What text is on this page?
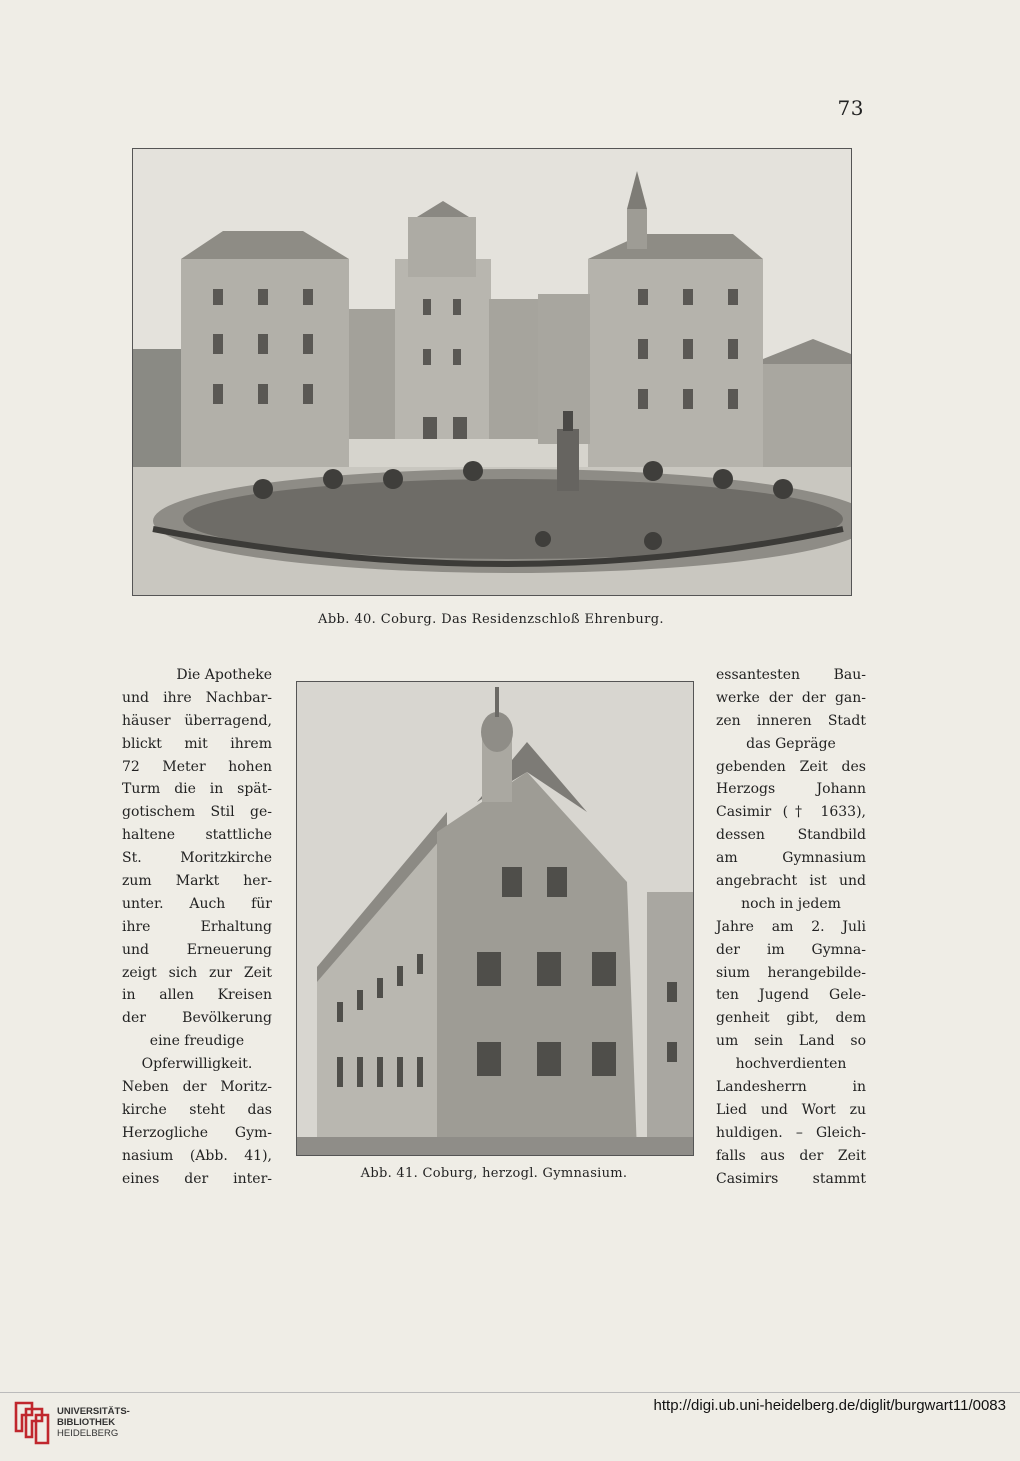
73
Abb. 40. Coburg. Das Residenzschloß Ehrenburg.
Abb. 41. Coburg, herzogl. Gymnasium.
Die Apotheke
und ihre Nachbar-
häuser überragend,
blickt mit ihrem
72 Meter hohen
Turm die in spät-
gotischem Stil ge-
haltene stattliche
St. Moritzkirche
zum Markt her-
unter. Auch für
ihre Erhaltung
und Erneuerung
zeigt sich zur Zeit
in allen Kreisen
der Bevölkerung
eine freudige
Opferwilligkeit.
Neben der Moritz-
kirche steht das
Herzogliche Gym-
nasium (Abb. 41),
eines der inter-
essantesten Bau-
werke der der gan-
zen inneren Stadt
das Gepräge
gebenden Zeit des
Herzogs Johann
Casimir († 1633),
dessen Standbild
am Gymnasium
angebracht ist und
noch in jedem
Jahre am 2. Juli
der im Gymna-
sium herangebilde-
ten Jugend Gele-
genheit gibt, dem
um sein Land so
hochverdienten
Landesherrn in
Lied und Wort zu
huldigen. – Gleich-
falls aus der Zeit
Casimirs stammt
UNIVERSITÄTS-
BIBLIOTHEK
HEIDELBERG
http://digi.ub.uni-heidelberg.de/diglit/burgwart11/0083
